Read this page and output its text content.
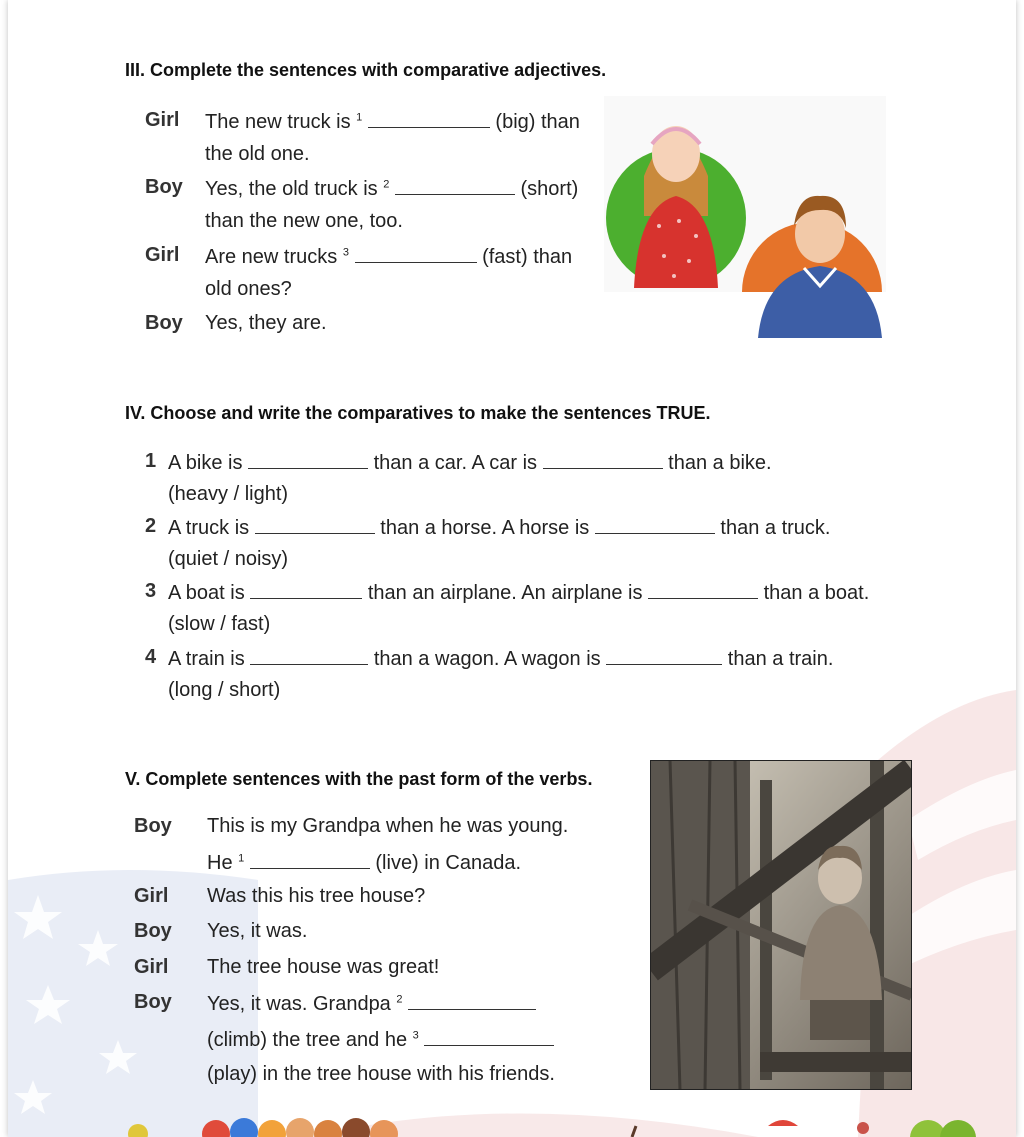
III. Complete the sentences with comparative adjectives.
Girl The new truck is $^1$	(big) than
the old one.
Boy Yes, the old truck is $^2$	(short)
than the new one, too.
Girl Are new trucks $^3$	(fast) than
old ones?
Boy Yes, they are.
IV. Choose and write the comparatives to make the sentences TRUE.
1 A bike is	than a car. A car is	than a bike.
(heavy / light)
2 A truck is	than a horse. A horse is	than a truck.
(quiet / noisy)
3 A boat is	than an airplane. An airplane is	than a boat.
(slow / fast)
4 A train is	than a wagon. A wagon is	than a train.
(long / short)
V. Complete sentences with the past form of the verbs.
Boy This is my Grandpa when he was young.
He $^1$	(live) in Canada.
Girl Was this his tree house?
Boy Yes, it was.
Girl The tree house was great!
Boy Yes, it was. Grandpa $^2$
(climb) the tree and he $^3$
(play) in the tree house with his friends.
